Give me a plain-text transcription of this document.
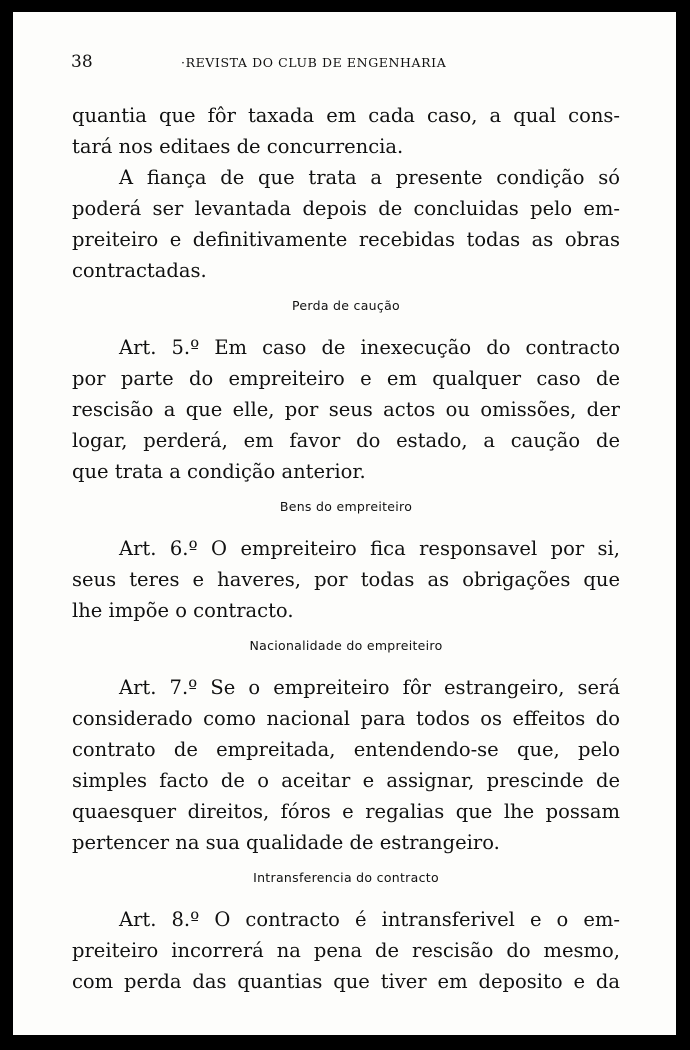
38	·REVISTA DO CLUB DE ENGENHARIA
quantia que fôr taxada em cada caso, a qual cons-
tará nos editaes de concurrencia.
A fiança de que trata a presente condição só
poderá ser levantada depois de concluidas pelo em-
preiteiro e definitivamente recebidas todas as obras
contractadas.
Perda de caução
Art. 5.º Em caso de inexecução do contracto
por parte do empreiteiro e em qualquer caso de
rescisão a que elle, por seus actos ou omissões, der
logar, perderá, em favor do estado, a caução de
que trata a condição anterior.
Bens do empreiteiro
Art. 6.º O empreiteiro fica responsavel por si,
seus teres e haveres, por todas as obrigações que
lhe impõe o contracto.
Nacionalidade do empreiteiro
Art. 7.º Se o empreiteiro fôr estrangeiro, será
considerado como nacional para todos os effeitos do
contrato de empreitada, entendendo-se que, pelo
simples facto de o aceitar e assignar, prescinde de
quaesquer direitos, fóros e regalias que lhe possam
pertencer na sua qualidade de estrangeiro.
Intransferencia do contracto
Art. 8.º O contracto é intransferivel e o em-
preiteiro incorrerá na pena de rescisão do mesmo,
com perda das quantias que tiver em deposito e da
